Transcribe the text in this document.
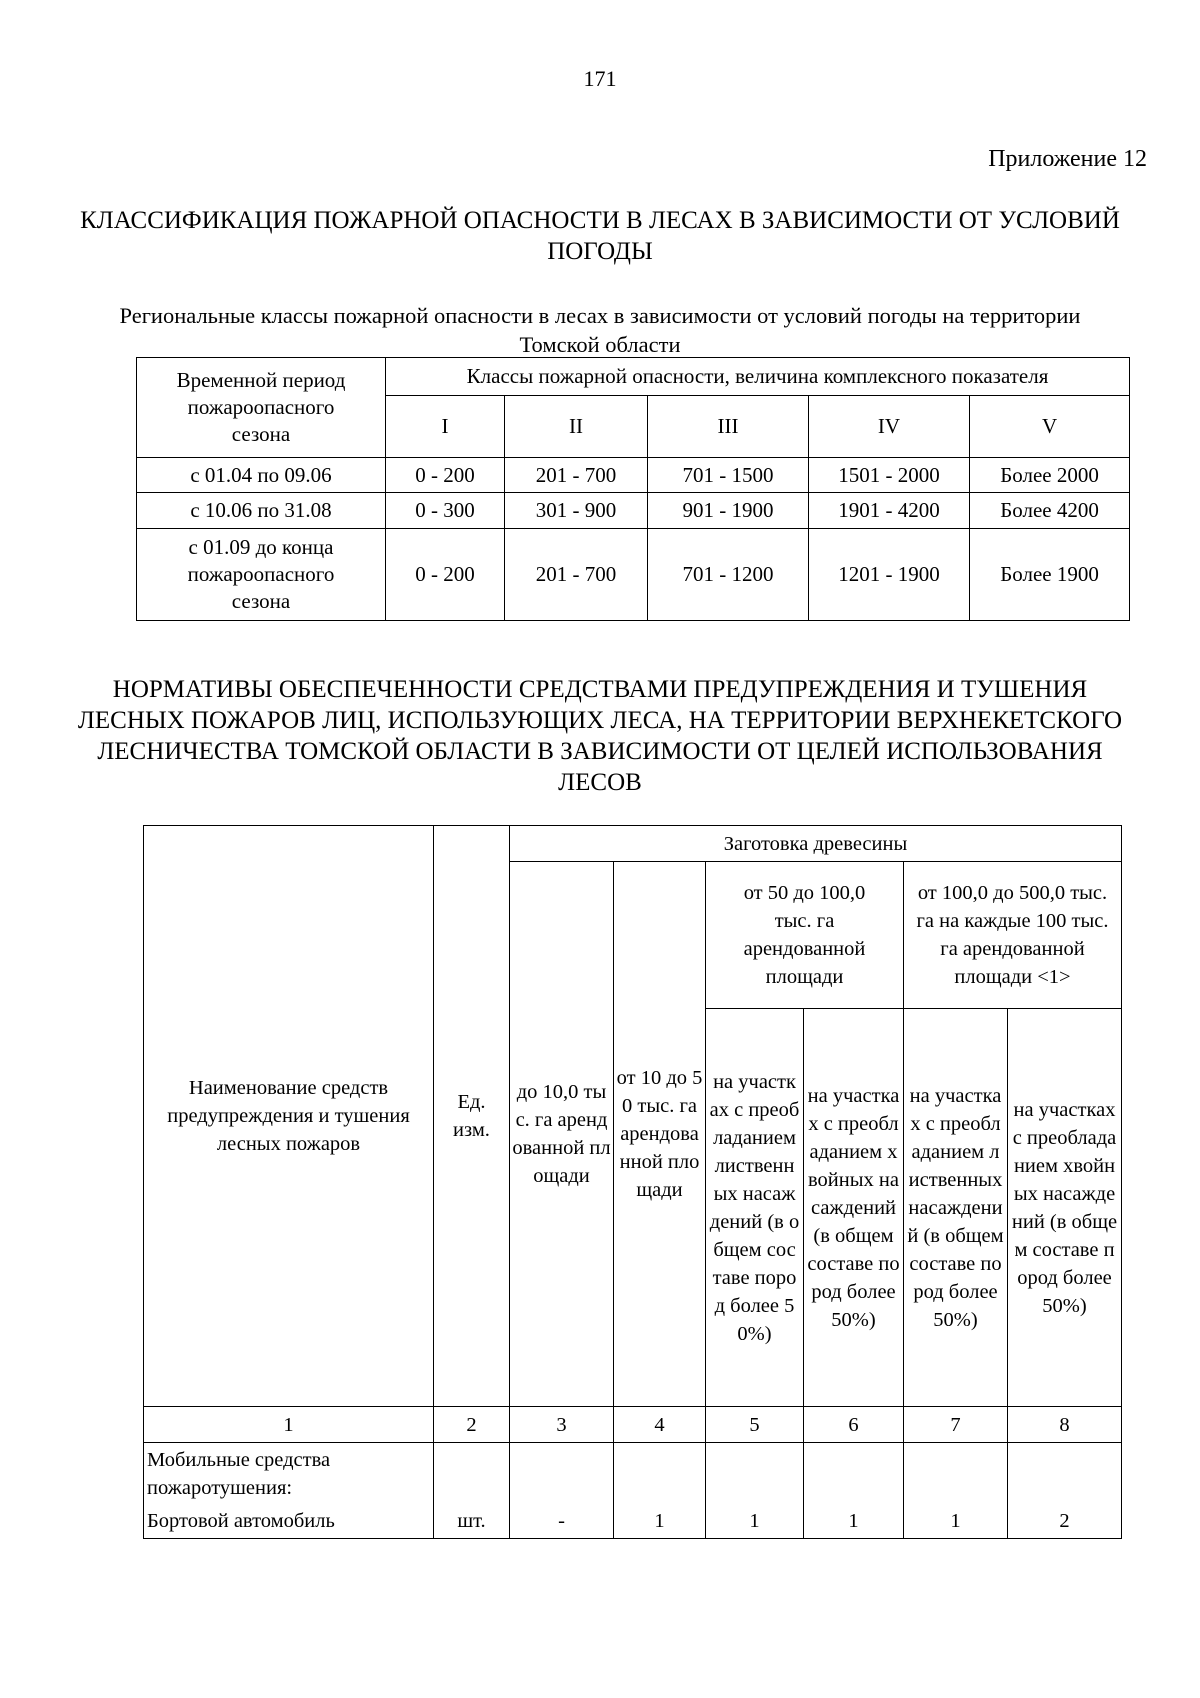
171
Приложение 12
КЛАССИФИКАЦИЯ ПОЖАРНОЙ ОПАСНОСТИ В ЛЕСАХ В ЗАВИСИМОСТИ ОТ УСЛОВИЙ ПОГОДЫ
Региональные классы пожарной опасности в лесах в зависимости от условий погоды на территории Томской области
Временной период пожароопасного сезона	Классы пожарной опасности, величина комплексного показателя				
	I	II	III	IV	V
с 01.04 по 09.06	0 - 200	201 - 700	701 - 1500	1501 - 2000	Более 2000
с 10.06 по 31.08	0 - 300	301 - 900	901 - 1900	1901 - 4200	Более 4200
с 01.09 до конца пожароопасного сезона	0 - 200	201 - 700	701 - 1200	1201 - 1900	Более 1900
НОРМАТИВЫ ОБЕСПЕЧЕННОСТИ СРЕДСТВАМИ ПРЕДУПРЕЖДЕНИЯ И ТУШЕНИЯ ЛЕСНЫХ ПОЖАРОВ ЛИЦ, ИСПОЛЬЗУЮЩИХ ЛЕСА, НА ТЕРРИТОРИИ ВЕРХНЕКЕТСКОГО ЛЕСНИЧЕСТВА ТОМСКОЙ ОБЛАСТИ В ЗАВИСИМОСТИ ОТ ЦЕЛЕЙ ИСПОЛЬЗОВАНИЯ ЛЕСОВ
Наименование средств предупреждения и тушения лесных пожаров	Ед. изм.	Заготовка древесины					
		до 10,0 тыс. га арендованной площади	от 10 до 50 тыс. га арендованной площади	от 50 до 100,0 тыс. га арендованной площади		от 100,0 до 500,0 тыс. га на каждые 100 тыс. га арендованной площади <1>	
				на участках с преобладанием лиственных насаждений (в общем составе пород более 50%)	на участках с преобладанием хвойных насаждений (в общем составе пород более 50%)	на участках с преобладанием лиственных насаждений (в общем составе пород более 50%)	на участках с преобладанием хвойных насаждений (в общем составе пород более 50%)
1	2	3	4	5	6	7	8
Мобильные средства пожаротушения:							
Бортовой автомобиль	шт.	-	1	1	1	1	2
